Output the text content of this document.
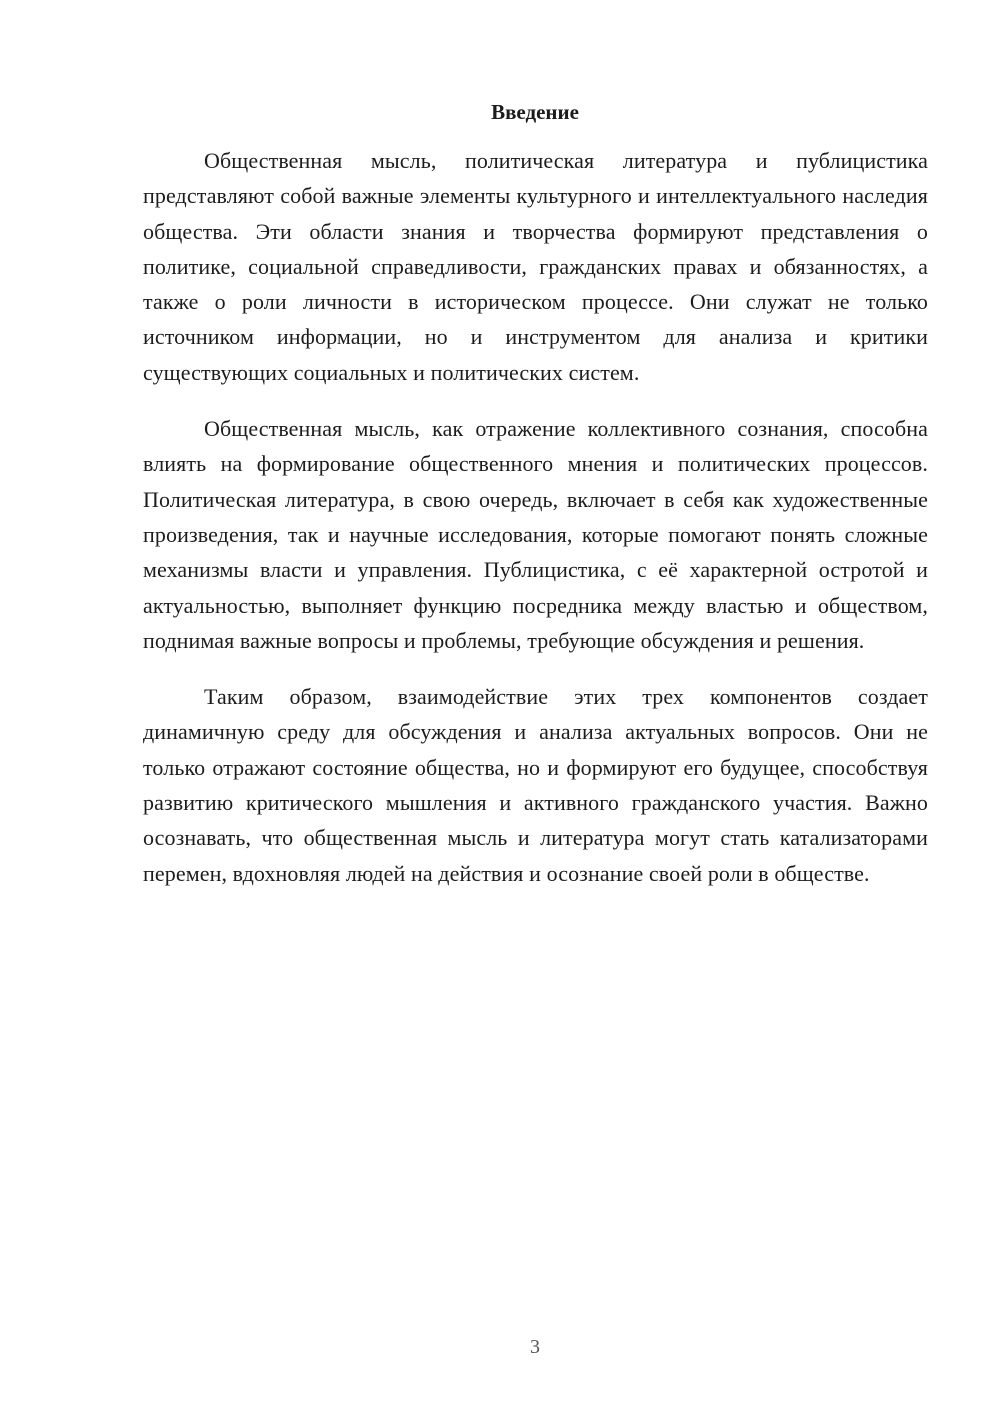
Введение

Общественная мысль, политическая литература и публицистика представляют собой важные элементы культурного и интеллектуального наследия общества. Эти области знания и творчества формируют представления о политике, социальной справедливости, гражданских правах и обязанностях, а также о роли личности в историческом процессе. Они служат не только источником информации, но и инструментом для анализа и критики существующих социальных и политических систем.

Общественная мысль, как отражение коллективного сознания, способна влиять на формирование общественного мнения и политических процессов. Политическая литература, в свою очередь, включает в себя как художественные произведения, так и научные исследования, которые помогают понять сложные механизмы власти и управления. Публицистика, с её характерной остротой и актуальностью, выполняет функцию посредника между властью и обществом, поднимая важные вопросы и проблемы, требующие обсуждения и решения.

Таким образом, взаимодействие этих трех компонентов создает динамичную среду для обсуждения и анализа актуальных вопросов. Они не только отражают состояние общества, но и формируют его будущее, способствуя развитию критического мышления и активного гражданского участия. Важно осознавать, что общественная мысль и литература могут стать катализаторами перемен, вдохновляя людей на действия и осознание своей роли в обществе.

3
